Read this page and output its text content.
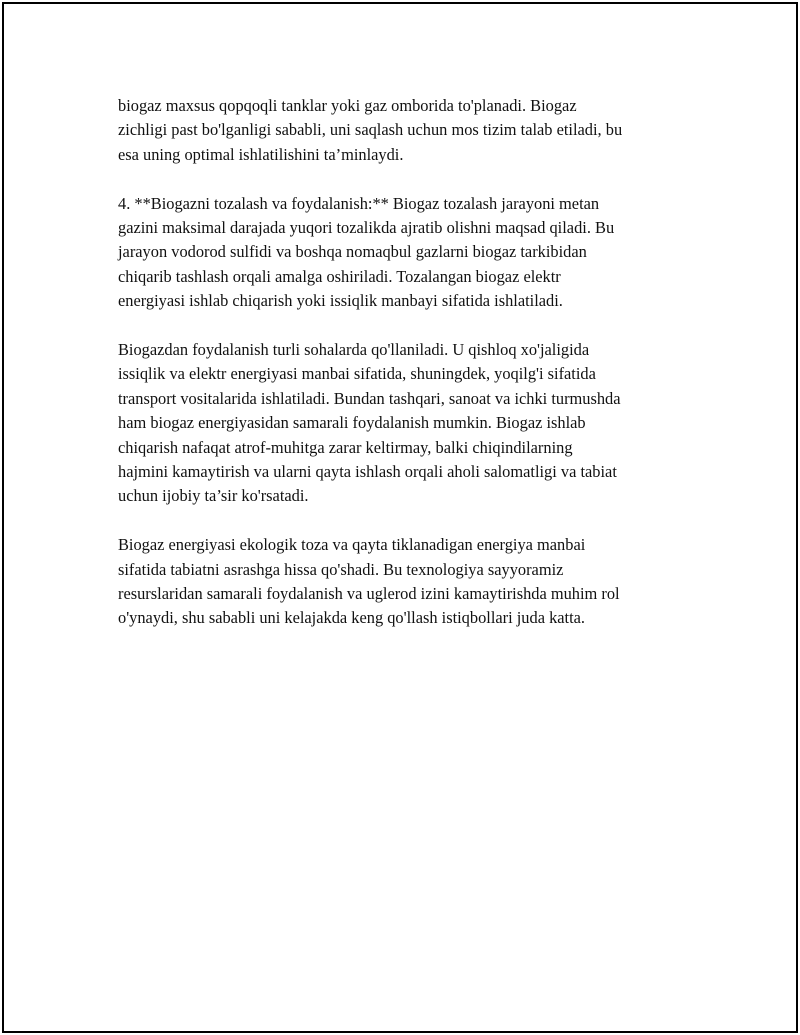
biogaz maxsus qopqoqli tanklar yoki gaz omborida to'planadi. Biogaz
zichligi past bo'lganligi sababli, uni saqlash uchun mos tizim talab etiladi, bu
esa uning optimal ishlatilishini ta’minlaydi.

4. **Biogazni tozalash va foydalanish:** Biogaz tozalash jarayoni metan
gazini maksimal darajada yuqori tozalikda ajratib olishni maqsad qiladi. Bu
jarayon vodorod sulfidi va boshqa nomaqbul gazlarni biogaz tarkibidan
chiqarib tashlash orqali amalga oshiriladi. Tozalangan biogaz elektr
energiyasi ishlab chiqarish yoki issiqlik manbayi sifatida ishlatiladi.

Biogazdan foydalanish turli sohalarda qo'llaniladi. U qishloq xo'jaligida
issiqlik va elektr energiyasi manbai sifatida, shuningdek, yoqilg'i sifatida
transport vositalarida ishlatiladi. Bundan tashqari, sanoat va ichki turmushda
ham biogaz energiyasidan samarali foydalanish mumkin. Biogaz ishlab
chiqarish nafaqat atrof-muhitga zarar keltirmay, balki chiqindilarning
hajmini kamaytirish va ularni qayta ishlash orqali aholi salomatligi va tabiat
uchun ijobiy ta’sir ko'rsatadi.

Biogaz energiyasi ekologik toza va qayta tiklanadigan energiya manbai
sifatida tabiatni asrashga hissa qo'shadi. Bu texnologiya sayyoramiz
resurslaridan samarali foydalanish va uglerod izini kamaytirishda muhim rol
o'ynaydi, shu sababli uni kelajakda keng qo'llash istiqbollari juda katta.
